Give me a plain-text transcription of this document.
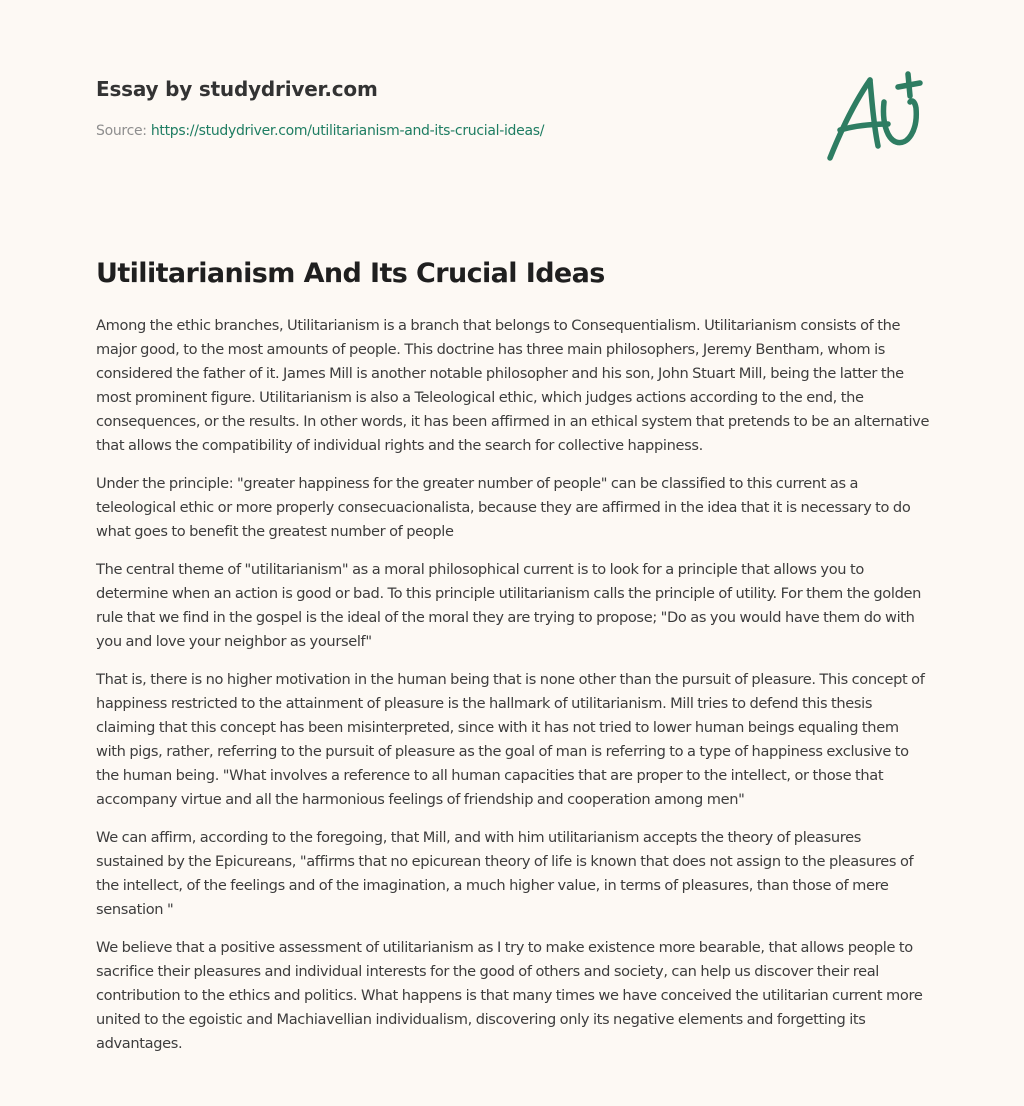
Essay by studydriver.com
Source: https://studydriver.com/utilitarianism-and-its-crucial-ideas/
Utilitarianism And Its Crucial Ideas

Among the ethic branches, Utilitarianism is a branch that belongs to Consequentialism. Utilitarianism consists of the major good, to the most amounts of people. This doctrine has three main philosophers, Jeremy Bentham, whom is considered the father of it. James Mill is another notable philosopher and his son, John Stuart Mill, being the latter the most prominent figure. Utilitarianism is also a Teleological ethic, which judges actions according to the end, the consequences, or the results. In other words, it has been affirmed in an ethical system that pretends to be an alternative that allows the compatibility of individual rights and the search for collective happiness.

Under the principle: "greater happiness for the greater number of people" can be classified to this current as a teleological ethic or more properly consecuacionalista, because they are affirmed in the idea that it is necessary to do what goes to benefit the greatest number of people

The central theme of "utilitarianism" as a moral philosophical current is to look for a principle that allows you to determine when an action is good or bad. To this principle utilitarianism calls the principle of utility. For them the golden rule that we find in the gospel is the ideal of the moral they are trying to propose; "Do as you would have them do with you and love your neighbor as yourself"

That is, there is no higher motivation in the human being that is none other than the pursuit of pleasure. This concept of happiness restricted to the attainment of pleasure is the hallmark of utilitarianism. Mill tries to defend this thesis claiming that this concept has been misinterpreted, since with it has not tried to lower human beings equaling them with pigs, rather, referring to the pursuit of pleasure as the goal of man is referring to a type of happiness exclusive to the human being. "What involves a reference to all human capacities that are proper to the intellect, or those that accompany virtue and all the harmonious feelings of friendship and cooperation among men"

We can affirm, according to the foregoing, that Mill, and with him utilitarianism accepts the theory of pleasures sustained by the Epicureans, "affirms that no epicurean theory of life is known that does not assign to the pleasures of the intellect, of the feelings and of the imagination, a much higher value, in terms of pleasures, than those of mere sensation "

We believe that a positive assessment of utilitarianism as I try to make existence more bearable, that allows people to sacrifice their pleasures and individual interests for the good of others and society, can help us discover their real contribution to the ethics and politics. What happens is that many times we have conceived the utilitarian current more united to the egoistic and Machiavellian individualism, discovering only its negative elements and forgetting its advantages.
